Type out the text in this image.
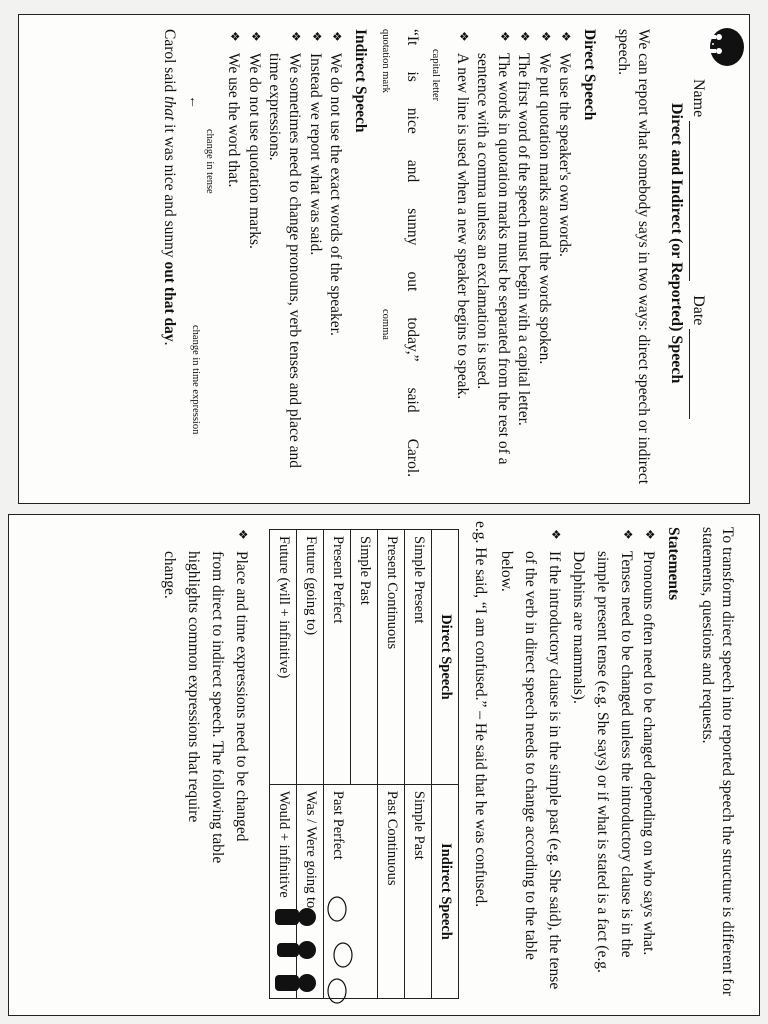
Name
Date
Direct and Indirect (or Reported) Speech

We can report what somebody says in two ways: direct speech or indirect speech.

Direct Speech
❖
We use the speaker's own words.
❖
We put quotation marks around the words spoken.
❖
The first word of the speech must begin with a capital letter.
❖
The words in quotation marks must be separated from the rest of a sentence with a comma unless an exclamation is used.
❖
A new line is used when a new speaker begins to speak.
capital letter
“It
is
nice
and
sunny
out
today,”
said
Carol.
quotation mark
comma
Indirect Speech
❖
We do not use the exact words of the speaker.
❖
Instead we report what was said.
❖
We sometimes need to change pronouns, verb tenses and place and time expressions.
❖
We do not use quotation marks.
❖
We use the word that.
change in tense
←
change in time expression

Carol said that it was nice and sunny out that day.

To transform direct speech into reported speech the structure is different for statements, questions and requests.

Statements
❖
Pronouns often need to be changed depending on who says what.
❖
Tenses need to be changed unless the introductory clause is in the simple present tense (e.g. She says) or if what is stated is a fact (e.g. Dolphins are mammals).
❖
If the introductory clause is in the simple past (e.g. She said), the tense of the verb in direct speech needs to change according to the table below.

e.g. He said, “I am confused.” – He said that he was confused.

Direct Speech	Indirect Speech
Simple Present	Simple Past
Present Continuous	Past Continuous
Simple Past	
Present Perfect	Past Perfect
Future (going to)	Was / Were going to
Future (will + infinitive)	Would + infinitive
❖
Place and time expressions need to be changed from direct to indirect speech. The following table highlights common expressions that require change.
